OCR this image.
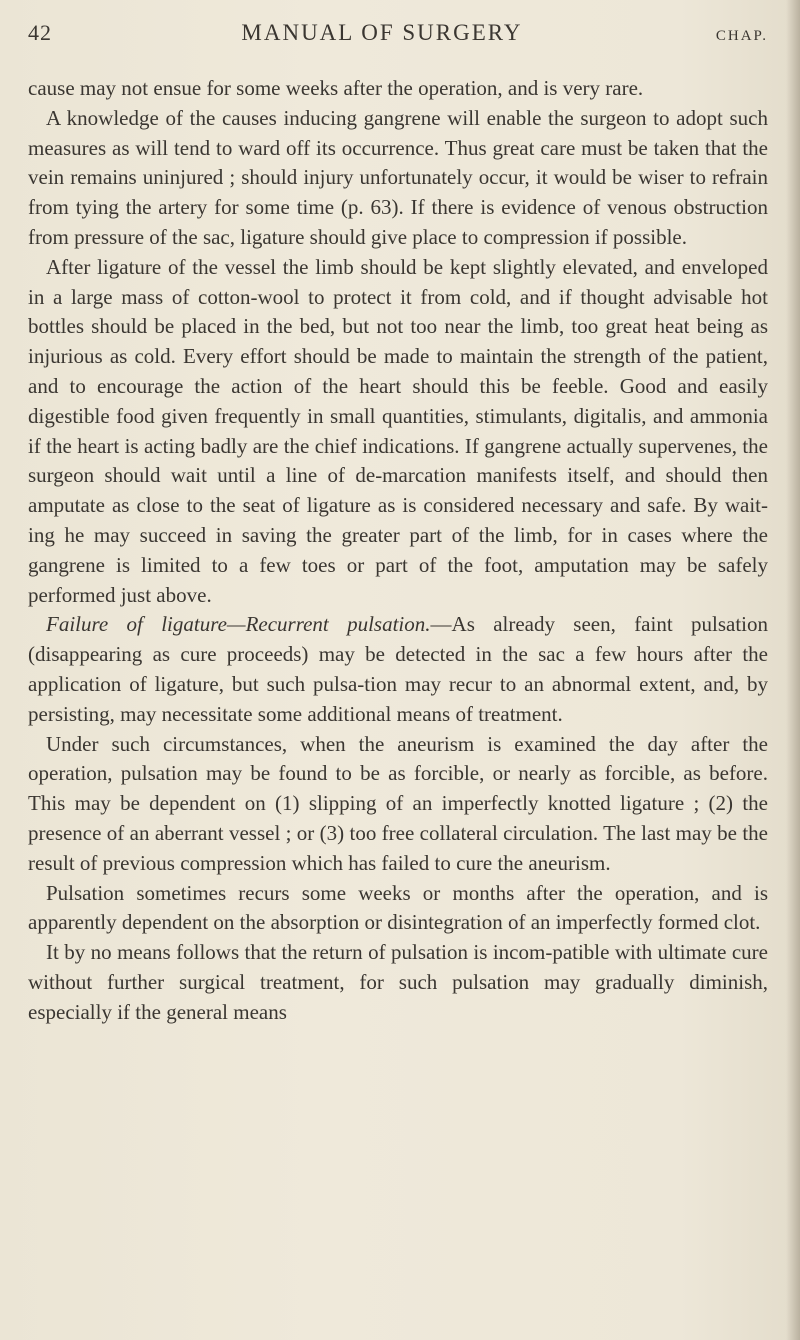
42	MANUAL OF SURGERY	CHAP.

cause may not ensue for some weeks after the operation, and is very rare.

A knowledge of the causes inducing gangrene will enable the surgeon to adopt such measures as will tend to ward off its occurrence. Thus great care must be taken that the vein remains uninjured ; should injury unfortunately occur, it would be wiser to refrain from tying the artery for some time (p. 63). If there is evidence of venous obstruction from pressure of the sac, ligature should give place to compression if possible.

After ligature of the vessel the limb should be kept slightly elevated, and enveloped in a large mass of cotton-wool to protect it from cold, and if thought advisable hot bottles should be placed in the bed, but not too near the limb, too great heat being as injurious as cold. Every effort should be made to maintain the strength of the patient, and to encourage the action of the heart should this be feeble. Good and easily digestible food given frequently in small quantities, stimulants, digitalis, and ammonia if the heart is acting badly are the chief indications. If gangrene actually supervenes, the surgeon should wait until a line of de-marcation manifests itself, and should then amputate as close to the seat of ligature as is considered necessary and safe. By wait-ing he may succeed in saving the greater part of the limb, for in cases where the gangrene is limited to a few toes or part of the foot, amputation may be safely performed just above.

Failure of ligature—Recurrent pulsation.—As already seen, faint pulsation (disappearing as cure proceeds) may be detected in the sac a few hours after the application of ligature, but such pulsa-tion may recur to an abnormal extent, and, by persisting, may necessitate some additional means of treatment.

Under such circumstances, when the aneurism is examined the day after the operation, pulsation may be found to be as forcible, or nearly as forcible, as before. This may be dependent on (1) slipping of an imperfectly knotted ligature ; (2) the presence of an aberrant vessel ; or (3) too free collateral circulation. The last may be the result of previous compression which has failed to cure the aneurism.

Pulsation sometimes recurs some weeks or months after the operation, and is apparently dependent on the absorption or disintegration of an imperfectly formed clot.

It by no means follows that the return of pulsation is incom-patible with ultimate cure without further surgical treatment, for such pulsation may gradually diminish, especially if the general means
